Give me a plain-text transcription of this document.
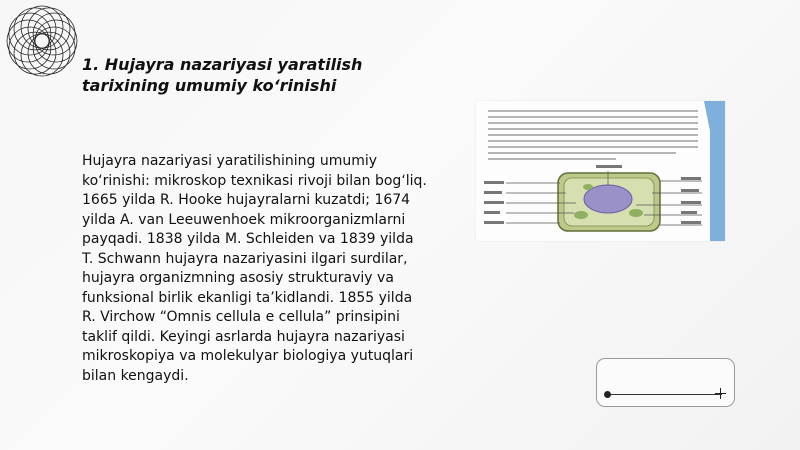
1. Hujayra nazariyasi yaratilish tarixining umumiy ko‘rinishi

Hujayra nazariyasi yaratilishining umumiy ko‘rinishi: mikroskop texnikasi rivoji bilan bog‘liq. 1665 yilda R. Hooke hujayralarni kuzatdi; 1674 yilda A. van Leeuwenhoek mikroorganizmlarni payqadi. 1838 yilda M. Schleiden va 1839 yilda T. Schwann hujayra nazariyasini ilgari surdilar, hujayra organizmning asosiy strukturaviy va funksional birlik ekanligi ta’kidlandi. 1855 yilda R. Virchow “Omnis cellula e cellula” prinsipini taklif qildi. Keyingi asrlarda hujayra nazariyasi mikroskopiya va molekulyar biologiya yutuqlari bilan kengaydi.
